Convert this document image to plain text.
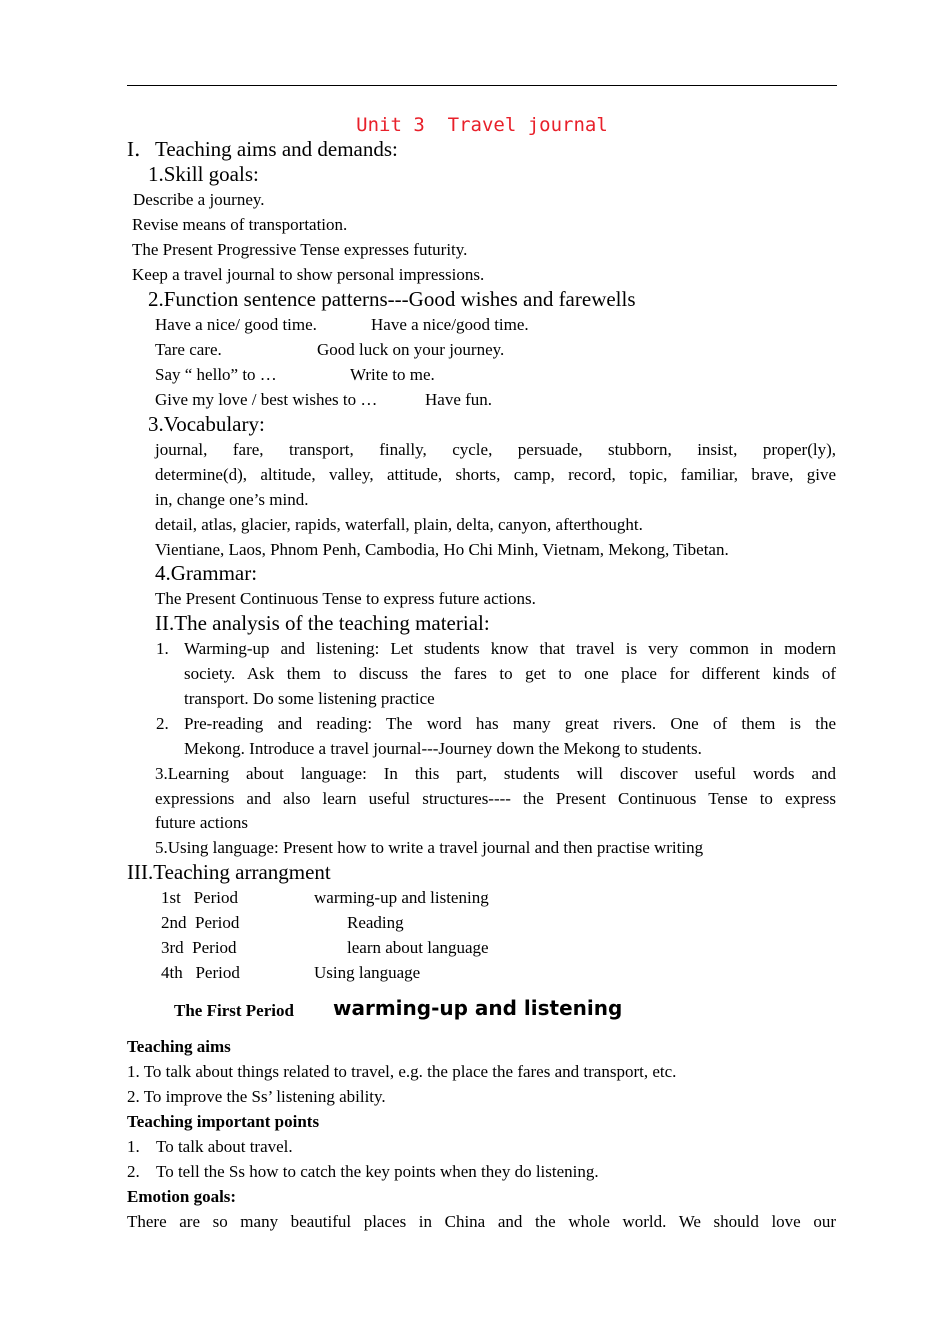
Unit 3  Travel journal
I．Teaching aims and demands:
1.Skill goals:
Describe a journey.
Revise means of transportation.
The Present Progressive Tense expresses futurity.
Keep a travel journal to show personal impressions.
2.Function sentence patterns---Good wishes and farewells
Have a nice/ good time.	Have a nice/good time.
Tare care.	Good luck on your journey.
Say “ hello” to …	Write to me.
Give my love / best wishes to …	Have fun.
3.Vocabulary:
journal, fare, transport, finally, cycle, persuade, stubborn, insist, proper(ly),
determine(d), altitude, valley, attitude, shorts, camp, record, topic, familiar, brave, give
in, change one’s mind.
detail, atlas, glacier, rapids, waterfall, plain, delta, canyon, afterthought.
Vientiane, Laos, Phnom Penh, Cambodia, Ho Chi Minh, Vietnam, Mekong, Tibetan.
4.Grammar:
The Present Continuous Tense to express future actions.
II.The analysis of the teaching material:
1. Warming-up and listening: Let students know that travel is very common in modern
society. Ask them to discuss the fares to get to one place for different kinds of
transport. Do some listening practice
2. Pre-reading and reading: The word has many great rivers. One of them is the
Mekong. Introduce a travel journal---Journey down the Mekong to students.
3.Learning about language: In this part, students will discover useful words and
expressions and also learn useful structures---- the Present Continuous Tense to express
future actions
5.Using language: Present how to write a travel journal and then practise writing
III.Teaching arrangment
1st   Period	warming-up and listening
2nd  Period	Reading
3rd  Period	learn about language
4th   Period	Using language
The First Period warming-up and listening
Teaching aims
1. To talk about things related to travel, e.g. the place the fares and transport, etc.
2. To improve the Ss’ listening ability.
Teaching important points
1. To talk about travel.
2. To tell the Ss how to catch the key points when they do listening.
Emotion goals:
There are so many beautiful places in China and the whole world. We should love our
